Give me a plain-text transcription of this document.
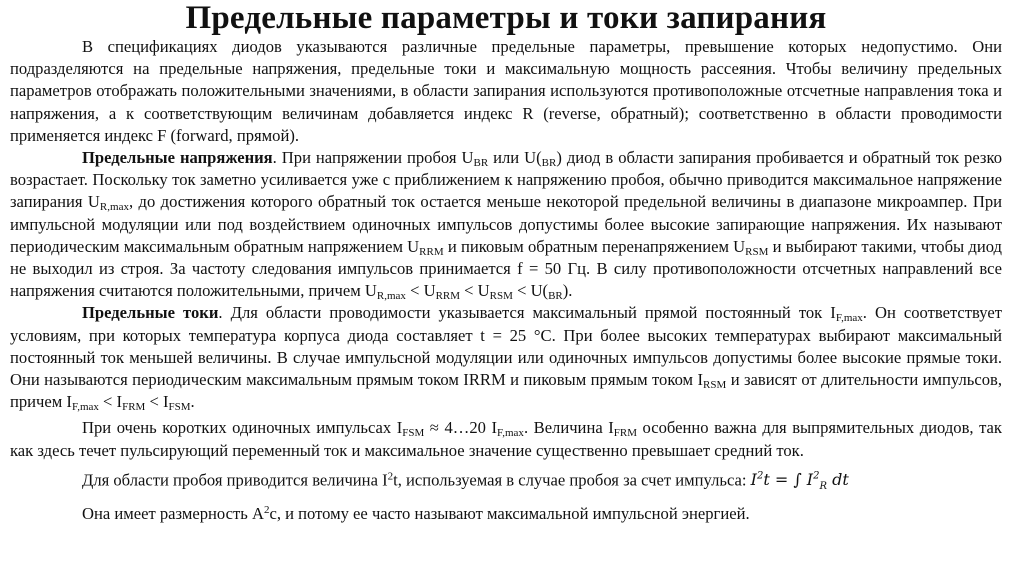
Предельные параметры и токи запирания

В спецификациях диодов указываются различные предельные параметры, превышение которых недопустимо. Они подразделяются на предельные напряжения, предельные токи и максимальную мощность рассеяния. Чтобы величину предельных параметров отображать положительными значениями, в области запирания используются противоположные отсчетные направления тока и напряжения, а к соответствующим величинам добавляется индекс R (reverse, обратный); соответственно в области проводимости применяется индекс F (forward, прямой).

Предельные напряжения. При напряжении пробоя $U_{BR}$ или $U(_{BR})$ диод в области запирания пробивается и обратный ток резко возрастает. Поскольку ток заметно усиливается уже с приближением к напряжению пробоя, обычно приводится максимальное напряжение запирания $U_{R,max}$, до достижения которого обратный ток остается меньше некоторой предельной величины в диапазоне микроампер. При импульсной модуляции или под воздействием одиночных импульсов допустимы более высокие запирающие напряжения. Их называют периодическим максимальным обратным напряжением $U_{RRM}$ и пиковым обратным перенапряжением $U_{RSM}$ и выбирают такими, чтобы диод не выходил из строя. За частоту следования импульсов принимается f = 50 Гц. В силу противоположности отсчетных направлений все напряжения считаются положительными, причем $U_{R,max} < U_{RRM} < U_{RSM} < U(_{BR})$.

Предельные токи. Для области проводимости указывается максимальный прямой постоянный ток $I_{F,max}$. Он соответствует условиям, при которых температура корпуса диода составляет t = 25 °C. При более высоких температурах выбирают максимальный постоянный ток меньшей величины. В случае импульсной модуляции или одиночных импульсов допустимы более высокие прямые токи. Они называются периодическим максимальным прямым током IRRM и пиковым прямым током $I_{RSM}$ и зависят от длительности импульсов, причем $I_{F,max} < I_{FRM} < I_{FSM}$.

При очень коротких одиночных импульсах $I_{FSM}$ ≈ 4…20 $I_{F,max}$. Величина $I_{FRM}$ особенно важна для выпрямительных диодов, так как здесь течет пульсирующий переменный ток и максимальное значение существенно превышает средний ток.

Для области пробоя приводится величина $I^2t$, используемая в случае пробоя за счет импульса: $I^2t$ = ∫ $I^2_R$ dt

Она имеет размерность $А^2с$, и потому ее часто называют максимальной импульсной энергией.
